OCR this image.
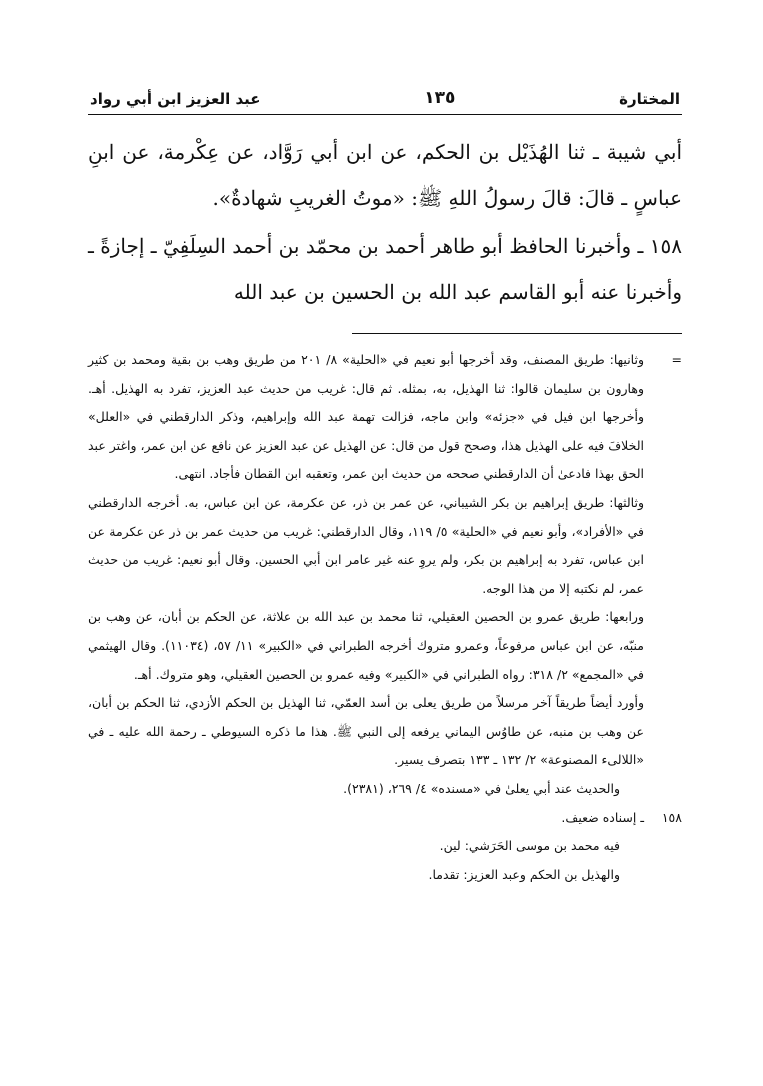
المختارة
١٣٥
عبد العزيز ابن أبي رواد

أبي شيبة ـ ثنا الهُذَيْل بن الحكم، عن ابن أبي رَوَّاد، عن عِكْرمة، عن ابنِ عباسٍ ـ قالَ: قالَ رسولُ اللهِ ﷺ: «موتُ الغريبِ شهادةٌ».

١٥٨ ـ وأخبرنا الحافظ أبو طاهر أحمد بن محمّد بن أحمد السِلَفِيّ ـ إجازةً ـ وأخبرنا عنه أبو القاسم عبد الله بن الحسين بن عبد الله

=

وثانيها: طريق المصنف، وقد أخرجها أبو نعيم في «الحلية» ٨/ ٢٠١ من طريق وهب بن بقية ومحمد بن كثير وهارون بن سليمان قالوا: ثنا الهذيل، به، بمثله. ثم قال: غريب من حديث عبد العزيز، تفرد به الهذيل. أهـ. وأخرجها ابن فيل في «جزئه» وابن ماجه، فزالت تهمة عبد الله وإبراهيم، وذكر الدارقطني في «العلل» الخلافَ فيه على الهذيل هذا، وصحح قول من قال: عن الهذيل عن عبد العزيز عن نافع عن ابن عمر، واغتر عبد الحق بهذا فادعىٰ أن الدارقطني صححه من حديث ابن عمر، وتعقبه ابن القطان فأجاد. انتهى.

وثالثها: طريق إبراهيم بن بكر الشيباني، عن عمر بن ذر، عن عكرمة، عن ابن عباس، به. أخرجه الدارقطني في «الأفراد»، وأبو نعيم في «الحلية» ٥/ ١١٩، وقال الدارقطني: غريب من حديث عمر بن ذر عن عكرمة عن ابن عباس، تفرد به إبراهيم بن بكر، ولم يروِ عنه غير عامر ابن أبي الحسين. وقال أبو نعيم: غريب من حديث عمر، لم نكتبه إلا من هذا الوجه.

ورابعها: طريق عمرو بن الحصين العقيلي، ثنا محمد بن عبد الله بن علاثة، عن الحكم بن أبان، عن وهب بن منبّه، عن ابن عباس مرفوعاً، وعمرو متروك أخرجه الطبراني في «الكبير» ١١/ ٥٧، (١١٠٣٤). وقال الهيثمي في «المجمع» ٢/ ٣١٨: رواه الطبراني في «الكبير» وفيه عمرو بن الحصين العقيلي، وهو متروك. أهـ.

وأورد أيضاً طريقاً آخر مرسلاً من طريق يعلى بن أسد العمّي، ثنا الهذيل بن الحكم الأزدي، ثنا الحكم بن أبان، عن وهب بن منبه، عن طاوُس اليماني يرفعه إلى النبي ﷺ. هذا ما ذكره السيوطي ـ رحمة الله عليه ـ في «اللالىء المصنوعة» ٢/ ١٣٢ ـ ١٣٣ بتصرف يسير.

والحديث عند أبي يعلىٰ في «مسنده» ٤/ ٢٦٩، (٢٣٨١).

١٥٨

ـ إسناده ضعيف.

فيه محمد بن موسى الحَرَشي: لين.

والهذيل بن الحكم وعبد العزيز: تقدما.
